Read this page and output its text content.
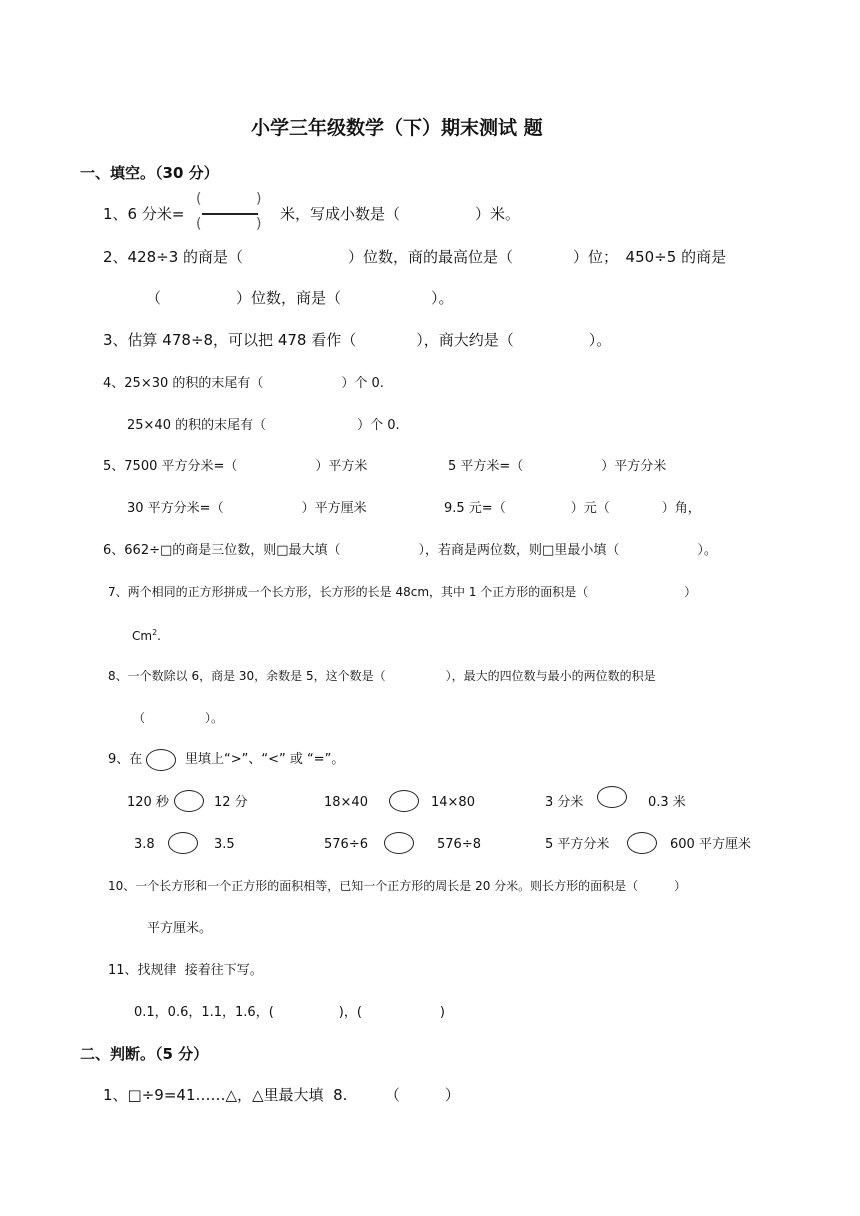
小学三年级数学（下）期末测试 题
一、填空。（30 分）
1、6 分米=
(	)
(	)
米，写成小数是（　　　　　）米。
2、428÷3 的商是（　　　　　　　）位数，商的最高位是（　　　　）位；　450÷5 的商是
（　　　　　）位数，商是（　　　　　　）。
3、估算 478÷8，可以把 478 看作（　　　　），商大约是（　　　　　）。
4、25×30 的积的末尾有（　　　　　　）个 0.
25×40 的积的末尾有（　　　　　　　）个 0.
5、7500 平方分米=（　　　　　　）平方米	5 平方米=（　　　　　　）平方分米
30 平方分米=（　　　　　　）平方厘米	9.5 元=（　　　　　）元（　　　　）角，
6、662÷□的商是三位数，则□最大填（　　　　　　），若商是两位数，则□里最小填（　　　　　　）。
7、两个相同的正方形拼成一个长方形，长方形的长是 48cm，其中 1 个正方形的面积是（　　　　　　　　）
Cm$^2$.
8、一个数除以 6，商是 30，余数是 5，这个数是（　　　　　），最大的四位数与最小的两位数的积是
（　　　　　）。
9、在	里填上“>”、“<” 或 “=”。
120 秒	12 分	18×40	14×80	3 分米	0.3 米
3.8	3.5	576÷6	576÷8	5 平方分米	600 平方厘米
10、一个长方形和一个正方形的面积相等，已知一个正方形的周长是 20 分米。则长方形的面积是（　　　）
平方厘米。
11、找规律  接着往下写。
0.1，0.6，1.1，1.6，(　　　　　)，(　　　　　　)
二、判断。（5 分）
1、□÷9=41……△，△里最大填  8.　　　（　　　）
